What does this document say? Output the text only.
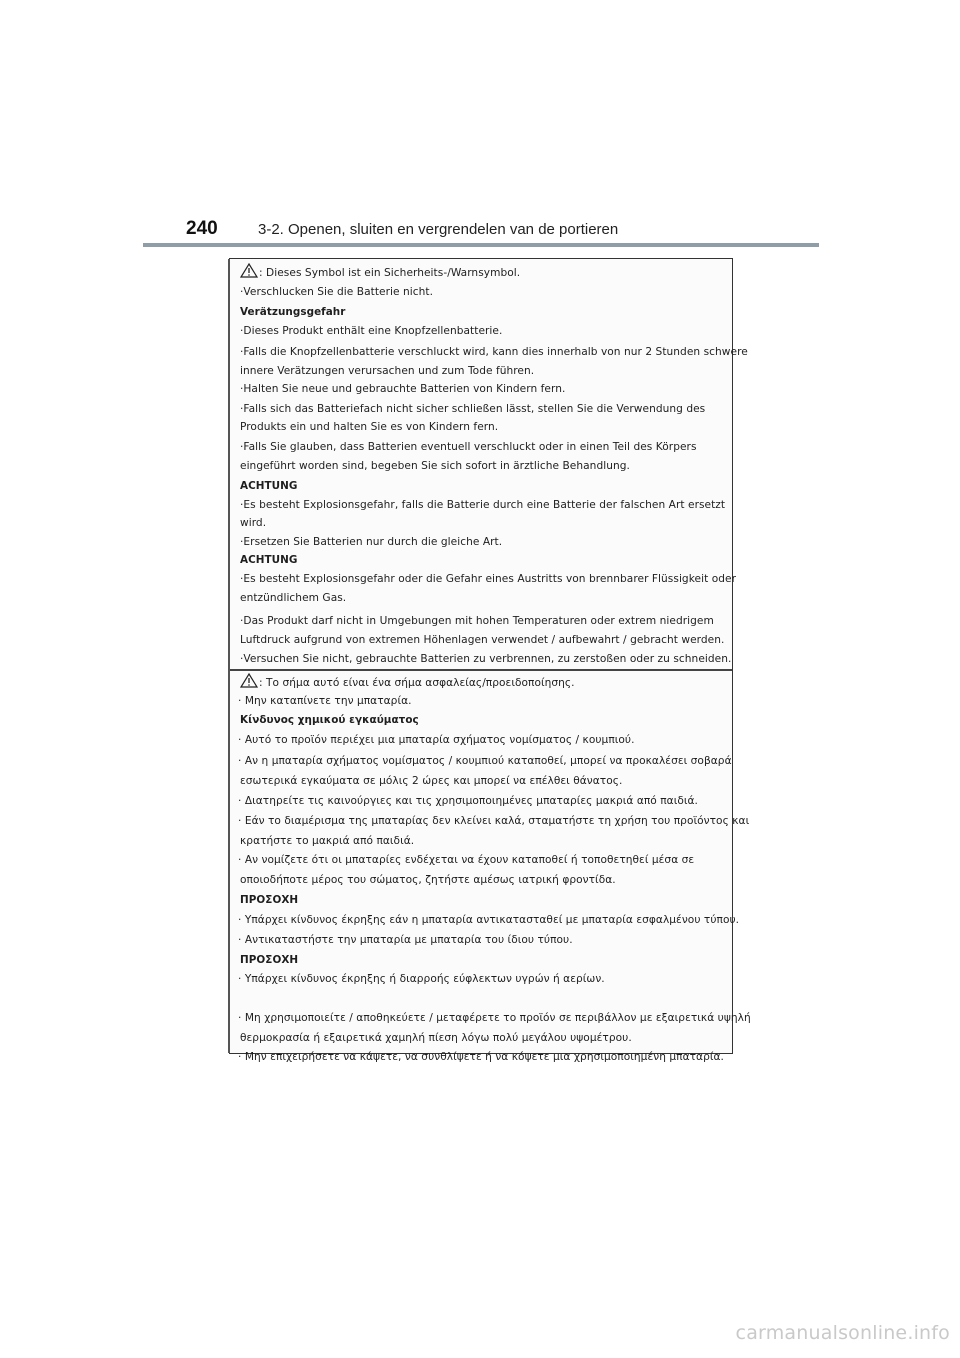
240	3-2. Openen, sluiten en vergrendelen van de portieren
: Dieses Symbol ist ein Sicherheits-/Warnsymbol.
·Verschlucken Sie die Batterie nicht.
Verätzungsgefahr
·Dieses Produkt enthält eine Knopfzellenbatterie.
·Falls die Knopfzellenbatterie verschluckt wird, kann dies innerhalb von nur 2 Stunden schwere
innere Verätzungen verursachen und zum Tode führen.
·Halten Sie neue und gebrauchte Batterien von Kindern fern.
·Falls sich das Batteriefach nicht sicher schließen lässt, stellen Sie die Verwendung des
Produkts ein und halten Sie es von Kindern fern.
·Falls Sie glauben, dass Batterien eventuell verschluckt oder in einen Teil des Körpers
eingeführt worden sind, begeben Sie sich sofort in ärztliche Behandlung.
ACHTUNG
·Es besteht Explosionsgefahr, falls die Batterie durch eine Batterie der falschen Art ersetzt
wird.
·Ersetzen Sie Batterien nur durch die gleiche Art.
ACHTUNG
·Es besteht Explosionsgefahr oder die Gefahr eines Austritts von brennbarer Flüssigkeit oder
entzündlichem Gas.
·Das Produkt darf nicht in Umgebungen mit hohen Temperaturen oder extrem niedrigem
Luftdruck aufgrund von extremen Höhenlagen verwendet / aufbewahrt / gebracht werden.
·Versuchen Sie nicht, gebrauchte Batterien zu verbrennen, zu zerstoßen oder zu schneiden.
: Το σήμα αυτό είναι ένα σήμα ασφαλείας/προειδοποίησης.
· Μην καταπίνετε την μπαταρία.
Κίνδυνος χημικού εγκαύματος
· Αυτό το προϊόν περιέχει μια μπαταρία σχήματος νομίσματος / κουμπιού.
· Αν η μπαταρία σχήματος νομίσματος / κουμπιού καταποθεί, μπορεί να προκαλέσει σοβαρά
εσωτερικά εγκαύματα σε μόλις 2 ώρες και μπορεί να επέλθει θάνατος.
· Διατηρείτε τις καινούργιες και τις χρησιμοποιημένες μπαταρίες μακριά από παιδιά.
· Εάν το διαμέρισμα της μπαταρίας δεν κλείνει καλά, σταματήστε τη χρήση του προϊόντος και
κρατήστε το μακριά από παιδιά.
· Αν νομίζετε ότι οι μπαταρίες ενδέχεται να έχουν καταποθεί ή τοποθετηθεί μέσα σε
οποιοδήποτε μέρος του σώματος, ζητήστε αμέσως ιατρική φροντίδα.
ΠΡΟΣΟΧΗ
· Υπάρχει κίνδυνος έκρηξης εάν η μπαταρία αντικατασταθεί με μπαταρία εσφαλμένου τύπου.
· Αντικαταστήστε την μπαταρία με μπαταρία του ίδιου τύπου.
ΠΡΟΣΟΧΗ
· Υπάρχει κίνδυνος έκρηξης ή διαρροής εύφλεκτων υγρών ή αερίων.
· Μη χρησιμοποιείτε / αποθηκεύετε / μεταφέρετε το προϊόν σε περιβάλλον με εξαιρετικά υψηλή
θερμοκρασία ή εξαιρετικά χαμηλή πίεση λόγω πολύ μεγάλου υψομέτρου.
· Μην επιχειρήσετε να κάψετε, να συνθλίψετε ή να κόψετε μια χρησιμοποιημένη μπαταρία.
carmanualsonline.info
